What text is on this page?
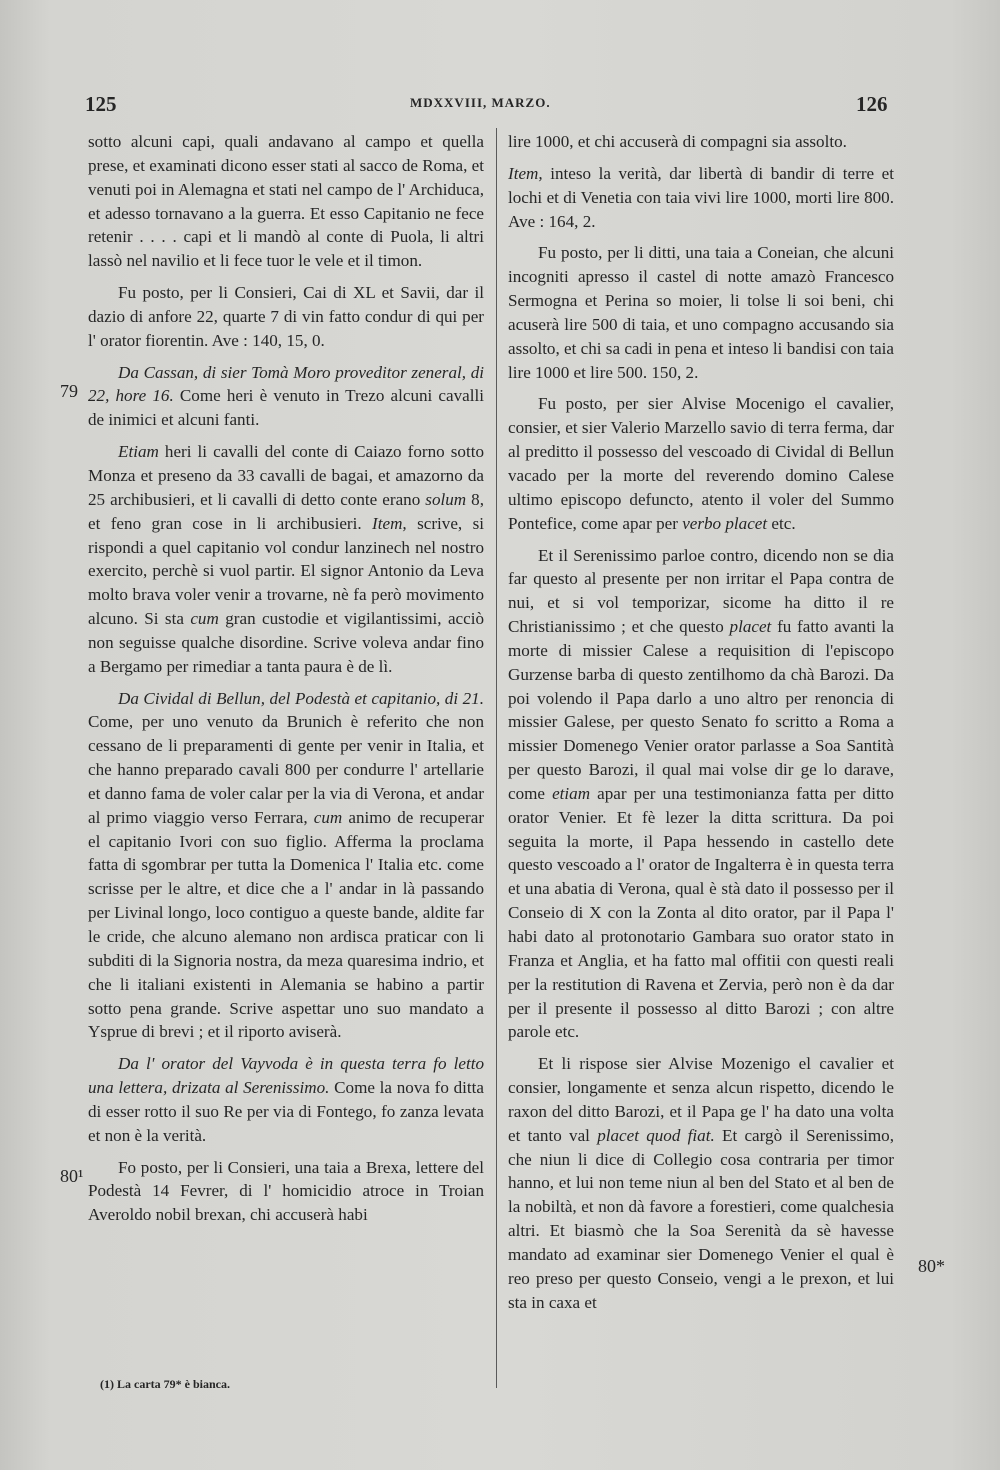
125	MDXXVIII, MARZO.	126
79
80¹
80*

sotto alcuni capi, quali andavano al campo et quella prese, et examinati dicono esser stati al sacco de Roma, et venuti poi in Alemagna et stati nel campo de l' Archiduca, et adesso tornavano a la guerra. Et esso Capitanio ne fece retenir . . . . capi et li mandò al conte di Puola, li altri lassò nel navilio et li fece tuor le vele et il timon.

Fu posto, per li Consieri, Cai di XL et Savii, dar il dazio di anfore 22, quarte 7 di vin fatto condur di qui per l' orator fiorentin. Ave : 140, 15, 0.

Da Cassan, di sier Tomà Moro proveditor zeneral, di 22, hore 16. Come heri è venuto in Trezo alcuni cavalli de inimici et alcuni fanti.

Etiam heri li cavalli del conte di Caiazo forno sotto Monza et preseno da 33 cavalli de bagai, et amazorno da 25 archibusieri, et li cavalli di detto conte erano solum 8, et feno gran cose in li archibusieri. Item, scrive, si rispondi a quel capitanio vol condur lanzinech nel nostro exercito, perchè si vuol partir. El signor Antonio da Leva molto brava voler venir a trovarne, nè fa però movimento alcuno. Si sta cum gran custodie et vigilantissimi, acciò non seguisse qualche disordine. Scrive voleva andar fino a Bergamo per rimediar a tanta paura è de lì.

Da Cividal di Bellun, del Podestà et capitanio, di 21. Come, per uno venuto da Brunich è referito che non cessano de li preparamenti di gente per venir in Italia, et che hanno preparado cavali 800 per condurre l' artellarie et danno fama de voler calar per la via di Verona, et andar al primo viaggio verso Ferrara, cum animo de recuperar el capitanio Ivori con suo figlio. Afferma la proclama fatta di sgombrar per tutta la Domenica l' Italia etc. come scrisse per le altre, et dice che a l' andar in là passando per Livinal longo, loco contiguo a queste bande, aldite far le cride, che alcuno alemano non ardisca praticar con li subditi di la Signoria nostra, da meza quaresima indrio, et che li italiani existenti in Alemania se habino a partir sotto pena grande. Scrive aspettar uno suo mandato a Ysprue di brevi ; et il riporto aviserà.

Da l' orator del Vayvoda è in questa terra fo letto una lettera, drizata al Serenissimo. Come la nova fo ditta di esser rotto il suo Re per via di Fontego, fo zanza levata et non è la verità.

Fo posto, per li Consieri, una taia a Brexa, lettere del Podestà 14 Fevrer, di l' homicidio atroce in Troian Averoldo nobil brexan, chi accuserà habi

lire 1000, et chi accuserà di compagni sia assolto.

Item, inteso la verità, dar libertà di bandir di terre et lochi et di Venetia con taia vivi lire 1000, morti lire 800. Ave : 164, 2.

Fu posto, per li ditti, una taia a Coneian, che alcuni incogniti apresso il castel di notte amazò Francesco Sermogna et Perina so moier, li tolse li soi beni, chi acuserà lire 500 di taia, et uno compagno accusando sia assolto, et chi sa cadi in pena et inteso li bandisi con taia lire 1000 et lire 500. 150, 2.

Fu posto, per sier Alvise Mocenigo el cavalier, consier, et sier Valerio Marzello savio di terra ferma, dar al preditto il possesso del vescoado di Cividal di Bellun vacado per la morte del reverendo domino Calese ultimo episcopo defuncto, atento il voler del Summo Pontefice, come apar per verbo placet etc.

Et il Serenissimo parloe contro, dicendo non se dia far questo al presente per non irritar el Papa contra de nui, et si vol temporizar, sicome ha ditto il re Christianissimo ; et che questo placet fu fatto avanti la morte di missier Calese a requisition di l'episcopo Gurzense barba di questo zentilhomo da chà Barozi. Da poi volendo il Papa darlo a uno altro per renoncia di missier Galese, per questo Senato fo scritto a Roma a missier Domenego Venier orator parlasse a Soa Santità per questo Barozi, il qual mai volse dir ge lo darave, come etiam apar per una testimonianza fatta per ditto orator Venier. Et fè lezer la ditta scrittura. Da poi seguita la morte, il Papa hessendo in castello dete questo vescoado a l' orator de Ingalterra è in questa terra et una abatia di Verona, qual è stà dato il possesso per il Conseio di X con la Zonta al dito orator, par il Papa l' habi dato al protonotario Gambara suo orator stato in Franza et Anglia, et ha fatto mal offitii con questi reali per la restitution di Ravena et Zervia, però non è da dar per il presente il possesso al ditto Barozi ; con altre parole etc.

Et li rispose sier Alvise Mozenigo el cavalier et consier, longamente et senza alcun rispetto, dicendo le raxon del ditto Barozi, et il Papa ge l' ha dato una volta et tanto val placet quod fiat. Et cargò il Serenissimo, che niun li dice di Collegio cosa contraria per timor hanno, et lui non teme niun al ben del Stato et al ben de la nobiltà, et non dà favore a forestieri, come qualchesia altri. Et biasmò che la Soa Serenità da sè havesse mandato ad examinar sier Domenego Venier el qual è reo preso per questo Conseio, vengi a le prexon, et lui sta in caxa et

(1) La carta 79* è bianca.
